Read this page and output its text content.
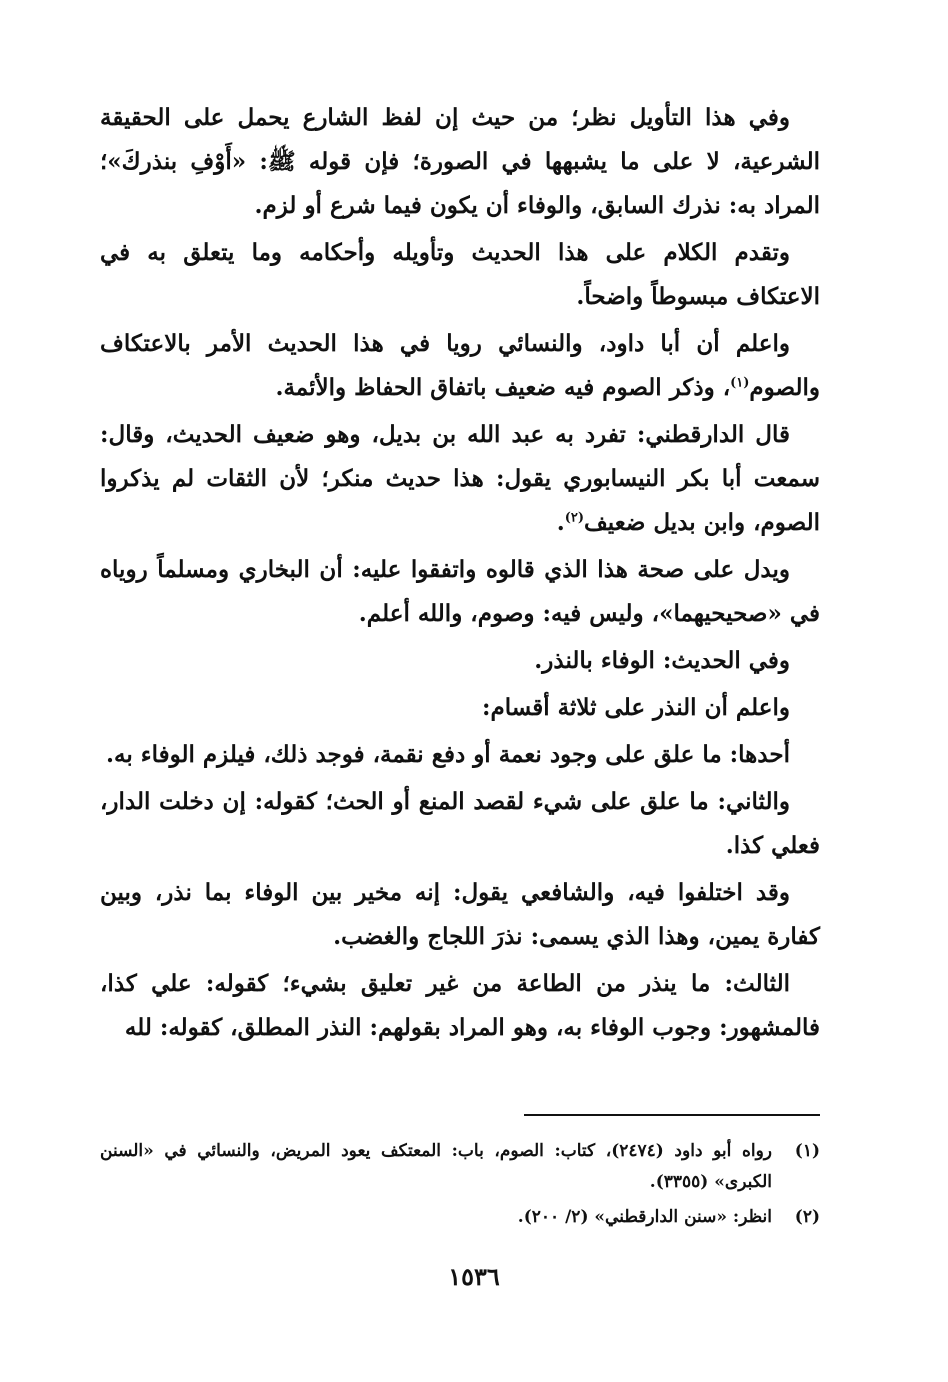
وفي هذا التأويل نظر؛ من حيث إن لفظ الشارع يحمل على الحقيقة الشرعية، لا على ما يشبهها في الصورة؛ فإن قوله ﷺ: «أَوْفِ بنذركَ»؛ المراد به: نذرك السابق، والوفاء أن يكون فيما شرع أو لزم.

وتقدم الكلام على هذا الحديث وتأويله وأحكامه وما يتعلق به في الاعتكاف مبسوطاً واضحاً.

واعلم أن أبا داود، والنسائي رويا في هذا الحديث الأمر بالاعتكاف والصوم$^{(١)}$، وذكر الصوم فيه ضعيف باتفاق الحفاظ والأئمة.

قال الدارقطني: تفرد به عبد الله بن بديل، وهو ضعيف الحديث، وقال: سمعت أبا بكر النيسابوري يقول: هذا حديث منكر؛ لأن الثقات لم يذكروا الصوم، وابن بديل ضعيف$^{(٢)}$.

ويدل على صحة هذا الذي قالوه واتفقوا عليه: أن البخاري ومسلماً روياه في «صحيحيهما»، وليس فيه: وصوم، والله أعلم.

وفي الحديث: الوفاء بالنذر.

واعلم أن النذر على ثلاثة أقسام:

أحدها: ما علق على وجود نعمة أو دفع نقمة، فوجد ذلك، فيلزم الوفاء به.

والثاني: ما علق على شيء لقصد المنع أو الحث؛ كقوله: إن دخلت الدار، فعلي كذا.

وقد اختلفوا فيه، والشافعي يقول: إنه مخير بين الوفاء بما نذر، وبين كفارة يمين، وهذا الذي يسمى: نذرَ اللجاج والغضب.

الثالث: ما ينذر من الطاعة من غير تعليق بشيء؛ كقوله: علي كذا، فالمشهور: وجوب الوفاء به، وهو المراد بقولهم: النذر المطلق، كقوله: لله

(١)
رواه أبو داود (٢٤٧٤)، كتاب: الصوم، باب: المعتكف يعود المريض، والنسائي في «السنن الكبرى» (٣٣٥٥).
(٢)
انظر: «سنن الدارقطني» (٢/ ٢٠٠).
١٥٣٦
